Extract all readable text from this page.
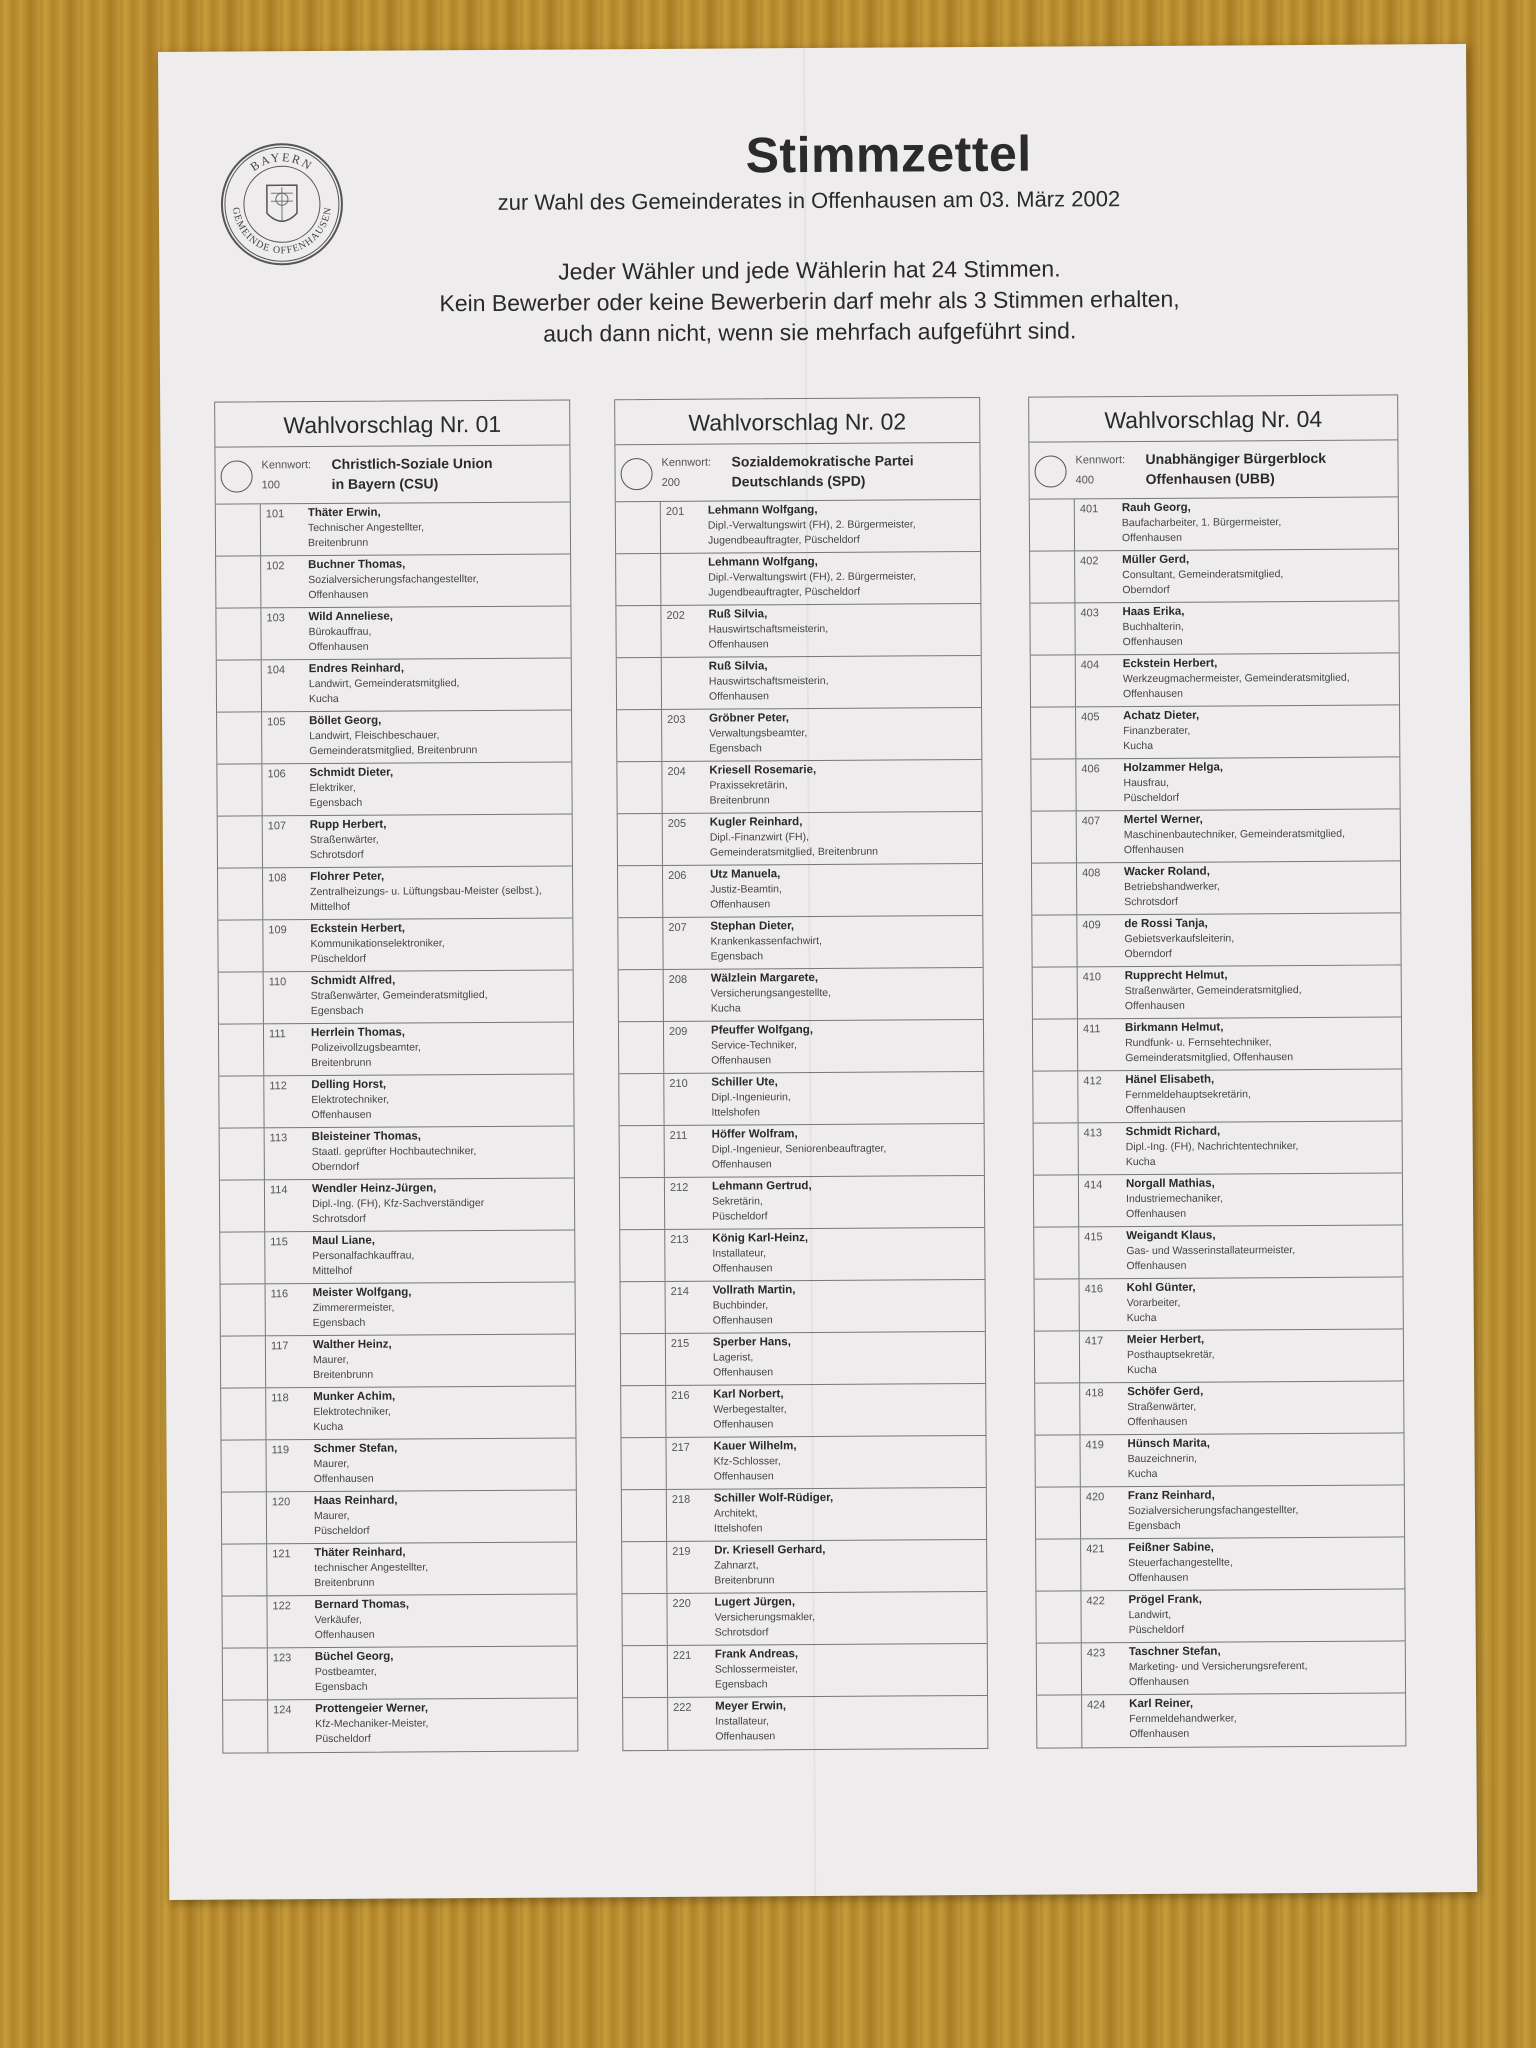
BAYERN
GEMEINDE OFFENHAUSEN
Stimmzettel
zur Wahl des Gemeinderates in Offenhausen am 03. März 2002
Jeder Wähler und jede Wählerin hat 24 Stimmen.
Kein Bewerber oder keine Bewerberin darf mehr als 3 Stimmen erhalten,
auch dann nicht, wenn sie mehrfach aufgeführt sind.
Wahlvorschlag Nr. 01
Kennwort:
100
Christlich-Soziale Union
in Bayern (CSU)
101 Thäter Erwin,
Technischer Angestellter,
Breitenbrunn
102 Buchner Thomas,
Sozialversicherungsfachangestellter,
Offenhausen
103 Wild Anneliese,
Bürokauffrau,
Offenhausen
104 Endres Reinhard,
Landwirt, Gemeinderatsmitglied,
Kucha
105 Böllet Georg,
Landwirt, Fleischbeschauer,
Gemeinderatsmitglied, Breitenbrunn
106 Schmidt Dieter,
Elektriker,
Egensbach
107 Rupp Herbert,
Straßenwärter,
Schrotsdorf
108 Flohrer Peter,
Zentralheizungs- u. Lüftungsbau-Meister (selbst.),
Mittelhof
109 Eckstein Herbert,
Kommunikationselektroniker,
Püscheldorf
110 Schmidt Alfred,
Straßenwärter, Gemeinderatsmitglied,
Egensbach
111 Herrlein Thomas,
Polizeivollzugsbeamter,
Breitenbrunn
112 Delling Horst,
Elektrotechniker,
Offenhausen
113 Bleisteiner Thomas,
Staatl. geprüfter Hochbautechniker,
Oberndorf
114 Wendler Heinz-Jürgen,
Dipl.-Ing. (FH), Kfz-Sachverständiger
Schrotsdorf
115 Maul Liane,
Personalfachkauffrau,
Mittelhof
116 Meister Wolfgang,
Zimmerermeister,
Egensbach
117 Walther Heinz,
Maurer,
Breitenbrunn
118 Munker Achim,
Elektrotechniker,
Kucha
119 Schmer Stefan,
Maurer,
Offenhausen
120 Haas Reinhard,
Maurer,
Püscheldorf
121 Thäter Reinhard,
technischer Angestellter,
Breitenbrunn
122 Bernard Thomas,
Verkäufer,
Offenhausen
123 Büchel Georg,
Postbeamter,
Egensbach
124 Prottengeier Werner,
Kfz-Mechaniker-Meister,
Püscheldorf
Wahlvorschlag Nr. 02
Kennwort:
200
Sozialdemokratische Partei
Deutschlands (SPD)
201 Lehmann Wolfgang,
Dipl.-Verwaltungswirt (FH), 2. Bürgermeister,
Jugendbeauftragter, Püscheldorf
Lehmann Wolfgang,
Dipl.-Verwaltungswirt (FH), 2. Bürgermeister,
Jugendbeauftragter, Püscheldorf
202 Ruß Silvia,
Hauswirtschaftsmeisterin,
Offenhausen
Ruß Silvia,
Hauswirtschaftsmeisterin,
Offenhausen
203 Gröbner Peter,
Verwaltungsbeamter,
Egensbach
204 Kriesell Rosemarie,
Praxissekretärin,
Breitenbrunn
205 Kugler Reinhard,
Dipl.-Finanzwirt (FH),
Gemeinderatsmitglied, Breitenbrunn
206 Utz Manuela,
Justiz-Beamtin,
Offenhausen
207 Stephan Dieter,
Krankenkassenfachwirt,
Egensbach
208 Wälzlein Margarete,
Versicherungsangestellte,
Kucha
209 Pfeuffer Wolfgang,
Service-Techniker,
Offenhausen
210 Schiller Ute,
Dipl.-Ingenieurin,
Ittelshofen
211 Höffer Wolfram,
Dipl.-Ingenieur, Seniorenbeauftragter,
Offenhausen
212 Lehmann Gertrud,
Sekretärin,
Püscheldorf
213 König Karl-Heinz,
Installateur,
Offenhausen
214 Vollrath Martin,
Buchbinder,
Offenhausen
215 Sperber Hans,
Lagerist,
Offenhausen
216 Karl Norbert,
Werbegestalter,
Offenhausen
217 Kauer Wilhelm,
Kfz-Schlosser,
Offenhausen
218 Schiller Wolf-Rüdiger,
Architekt,
Ittelshofen
219 Dr. Kriesell Gerhard,
Zahnarzt,
Breitenbrunn
220 Lugert Jürgen,
Versicherungsmakler,
Schrotsdorf
221 Frank Andreas,
Schlossermeister,
Egensbach
222 Meyer Erwin,
Installateur,
Offenhausen
Wahlvorschlag Nr. 04
Kennwort:
400
Unabhängiger Bürgerblock
Offenhausen (UBB)
401 Rauh Georg,
Baufacharbeiter, 1. Bürgermeister,
Offenhausen
402 Müller Gerd,
Consultant, Gemeinderatsmitglied,
Oberndorf
403 Haas Erika,
Buchhalterin,
Offenhausen
404 Eckstein Herbert,
Werkzeugmachermeister, Gemeinderatsmitglied,
Offenhausen
405 Achatz Dieter,
Finanzberater,
Kucha
406 Holzammer Helga,
Hausfrau,
Püscheldorf
407 Mertel Werner,
Maschinenbautechniker, Gemeinderatsmitglied,
Offenhausen
408 Wacker Roland,
Betriebshandwerker,
Schrotsdorf
409 de Rossi Tanja,
Gebietsverkaufsleiterin,
Oberndorf
410 Rupprecht Helmut,
Straßenwärter, Gemeinderatsmitglied,
Offenhausen
411 Birkmann Helmut,
Rundfunk- u. Fernsehtechniker,
Gemeinderatsmitglied, Offenhausen
412 Hänel Elisabeth,
Fernmeldehauptsekretärin,
Offenhausen
413 Schmidt Richard,
Dipl.-Ing. (FH), Nachrichtentechniker,
Kucha
414 Norgall Mathias,
Industriemechaniker,
Offenhausen
415 Weigandt Klaus,
Gas- und Wasserinstallateurmeister,
Offenhausen
416 Kohl Günter,
Vorarbeiter,
Kucha
417 Meier Herbert,
Posthauptsekretär,
Kucha
418 Schöfer Gerd,
Straßenwärter,
Offenhausen
419 Hünsch Marita,
Bauzeichnerin,
Kucha
420 Franz Reinhard,
Sozialversicherungsfachangestellter,
Egensbach
421 Feißner Sabine,
Steuerfachangestellte,
Offenhausen
422 Prögel Frank,
Landwirt,
Püscheldorf
423 Taschner Stefan,
Marketing- und Versicherungsreferent,
Offenhausen
424 Karl Reiner,
Fernmeldehandwerker,
Offenhausen
